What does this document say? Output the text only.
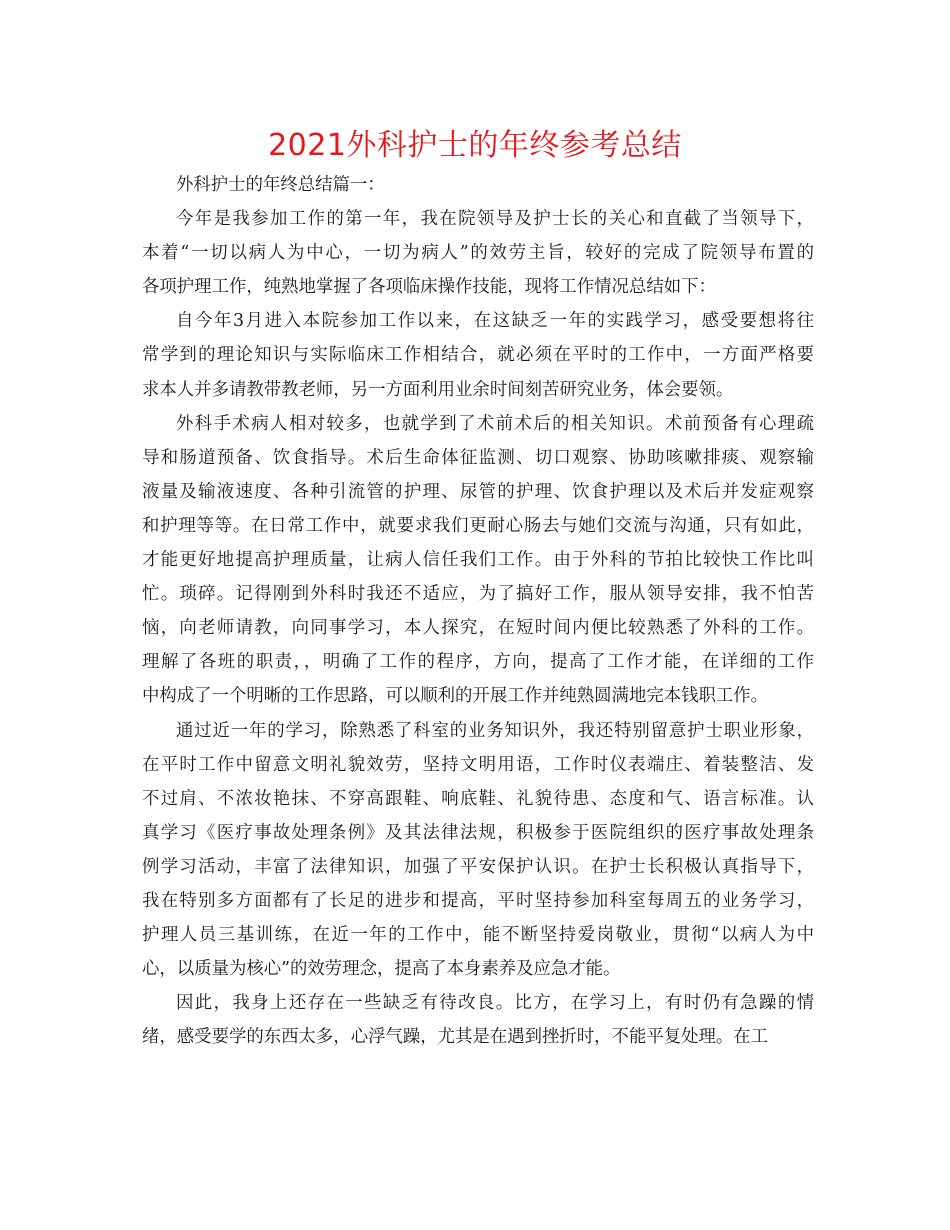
2021外科护士的年终参考总结
外科护士的年终总结篇一：
今年是我参加工作的第一年，我在院领导及护士长的关心和直截了当领导下，
本着“一切以病人为中心，一切为病人”的效劳主旨，较好的完成了院领导布置的
各项护理工作，纯熟地掌握了各项临床操作技能，现将工作情况总结如下：
自今年3月进入本院参加工作以来，在这缺乏一年的实践学习，感受要想将往
常学到的理论知识与实际临床工作相结合，就必须在平时的工作中，一方面严格要
求本人并多请教带教老师，另一方面利用业余时间刻苦研究业务，体会要领。
外科手术病人相对较多，也就学到了术前术后的相关知识。术前预备有心理疏
导和肠道预备、饮食指导。术后生命体征监测、切口观察、协助咳嗽排痰、观察输
液量及输液速度、各种引流管的护理、尿管的护理、饮食护理以及术后并发症观察
和护理等等。在日常工作中，就要求我们更耐心肠去与她们交流与沟通，只有如此，
才能更好地提高护理质量，让病人信任我们工作。由于外科的节拍比较快工作比叫
忙。琐碎。记得刚到外科时我还不适应，为了搞好工作，服从领导安排，我不怕苦
恼，向老师请教，向同事学习，本人探究，在短时间内便比较熟悉了外科的工作。
理解了各班的职责，，明确了工作的程序，方向，提高了工作才能，在详细的工作
中构成了一个明晰的工作思路，可以顺利的开展工作并纯熟圆满地完本钱职工作。
通过近一年的学习，除熟悉了科室的业务知识外，我还特别留意护士职业形象，
在平时工作中留意文明礼貌效劳，坚持文明用语，工作时仪表端庄、着装整洁、发
不过肩、不浓妆艳抹、不穿高跟鞋、响底鞋、礼貌待患、态度和气、语言标准。认
真学习《医疗事故处理条例》及其法律法规，积极参于医院组织的医疗事故处理条
例学习活动，丰富了法律知识，加强了平安保护认识。在护士长积极认真指导下，
我在特别多方面都有了长足的进步和提高，平时坚持参加科室每周五的业务学习，
护理人员三基训练，在近一年的工作中，能不断坚持爱岗敬业，贯彻“以病人为中
心，以质量为核心”的效劳理念，提高了本身素养及应急才能。
因此，我身上还存在一些缺乏有待改良。比方，在学习上，有时仍有急躁的情
绪，感受要学的东西太多，心浮气躁，尤其是在遇到挫折时，不能平复处理。在工
